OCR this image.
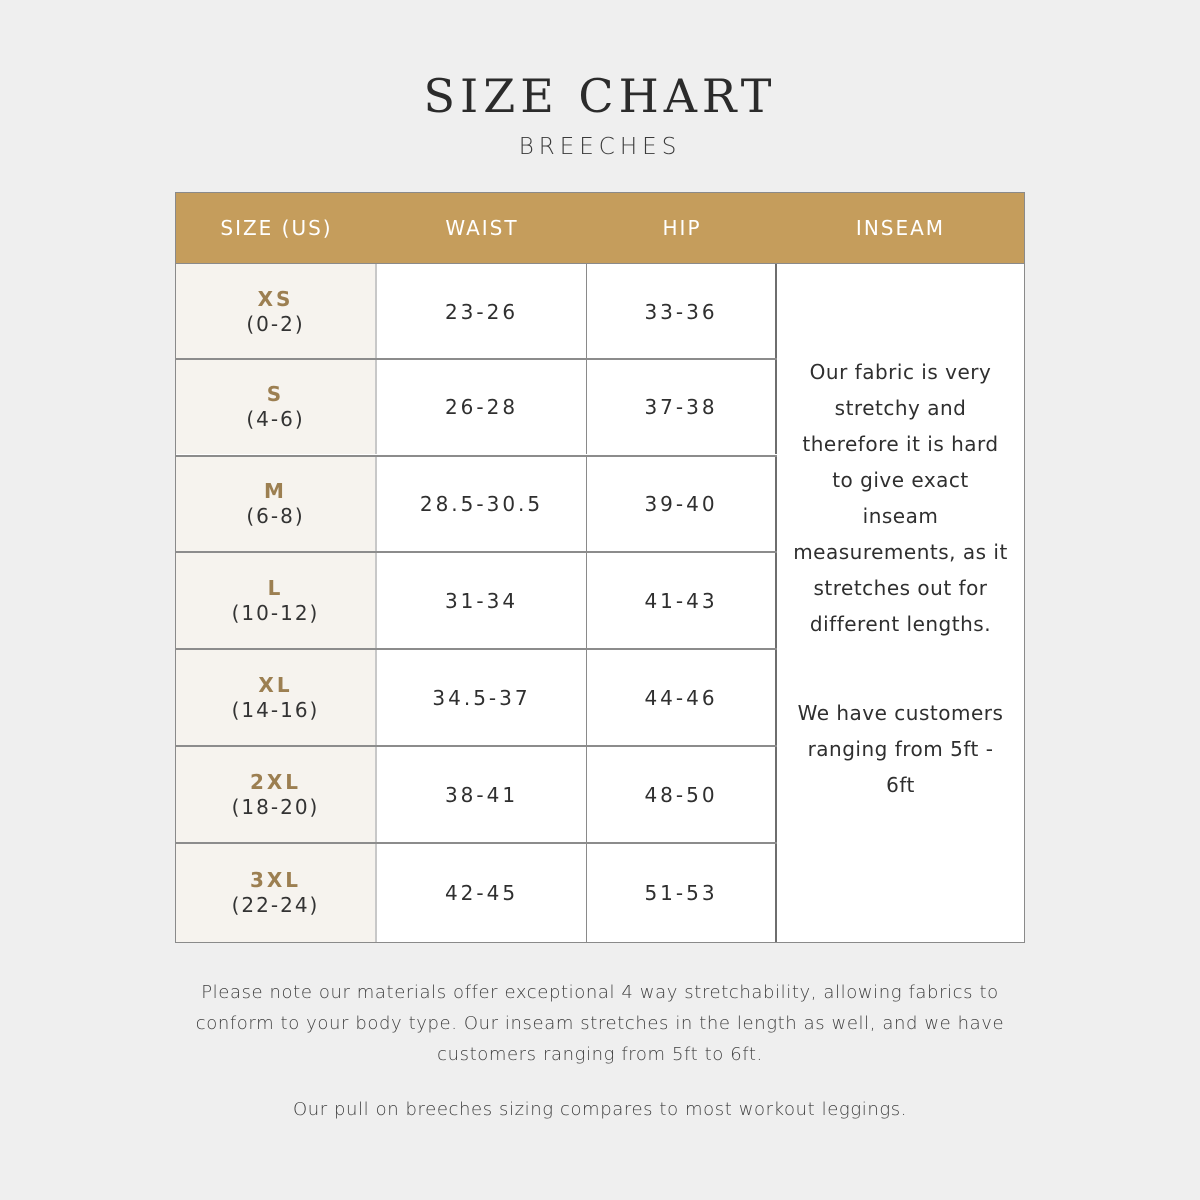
SIZE CHART
BREECHES
SIZE (US)	WAIST	HIP	INSEAM
XS
(0-2)	23-26	33-36
S
(4-6)	26-28	37-38
M
(6-8)	28.5-30.5	39-40
L
(10-12)	31-34	41-43
XL
(14-16)	34.5-37	44-46
2XL
(18-20)	38-41	48-50
3XL
(22-24)	42-45	51-53

Our fabric is very stretchy and therefore it is hard to give exact inseam measurements, as it stretches out for different lengths.

We have customers ranging from 5ft - 6ft

Please note our materials offer exceptional 4 way stretchability, allowing fabrics to conform to your body type. Our inseam stretches in the length as well, and we have customers ranging from 5ft to 6ft.
Our pull on breeches sizing compares to most workout leggings.
